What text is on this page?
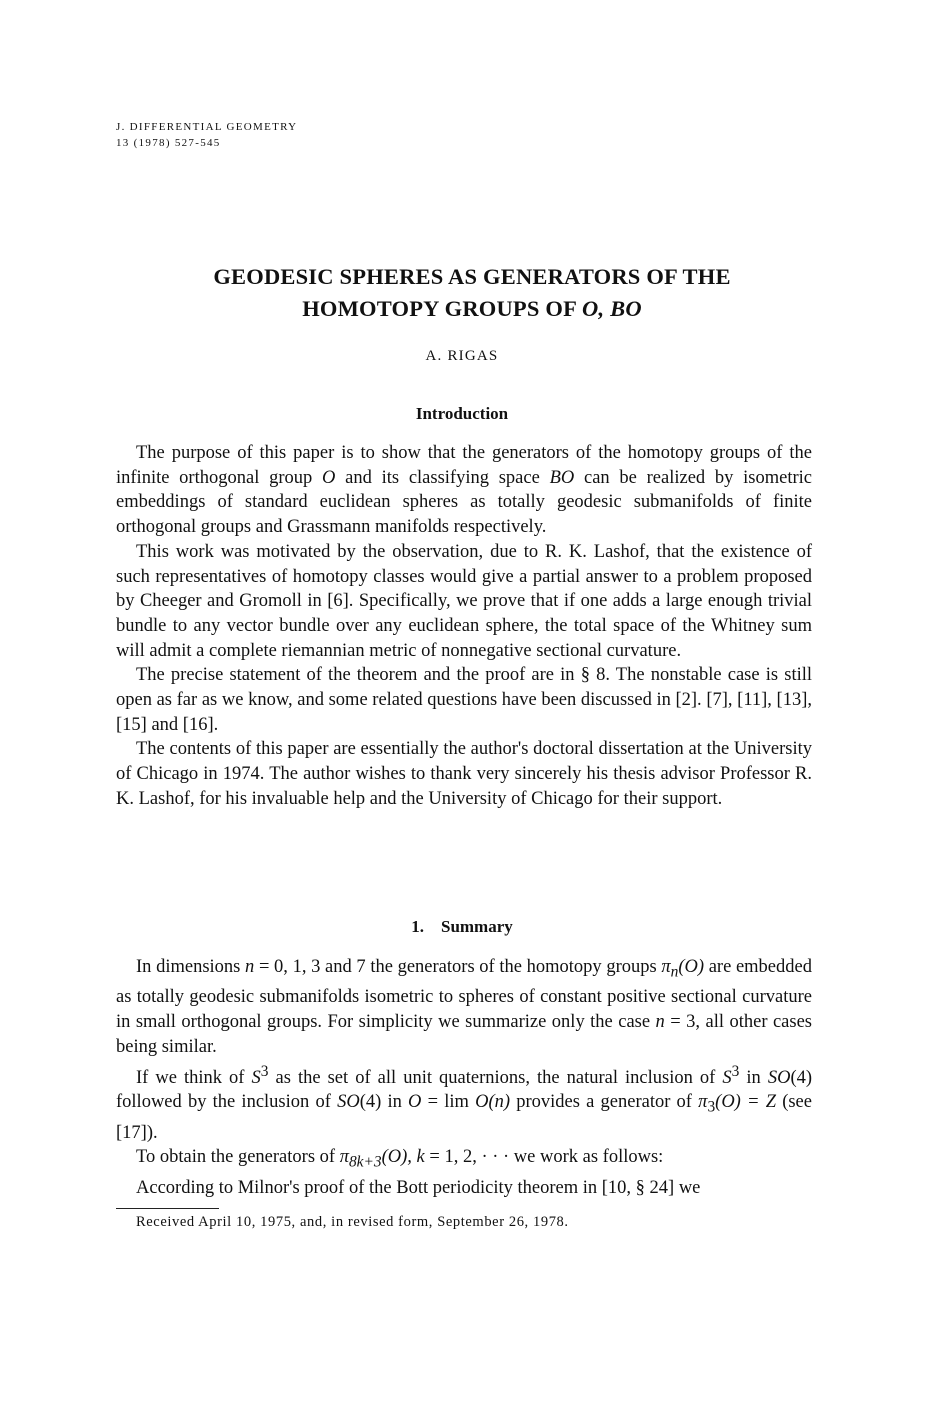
J. DIFFERENTIAL GEOMETRY
13 (1978) 527-545
GEODESIC SPHERES AS GENERATORS OF THE
HOMOTOPY GROUPS OF O, BO
A. RIGAS
Introduction

The purpose of this paper is to show that the generators of the homotopy groups of the infinite orthogonal group O and its classifying space BO can be realized by isometric embeddings of standard euclidean spheres as totally geodesic submanifolds of finite orthogonal groups and Grassmann manifolds respectively.

This work was motivated by the observation, due to R. K. Lashof, that the existence of such representatives of homotopy classes would give a partial answer to a problem proposed by Cheeger and Gromoll in [6]. Specifically, we prove that if one adds a large enough trivial bundle to any vector bundle over any euclidean sphere, the total space of the Whitney sum will admit a complete riemannian metric of nonnegative sectional curvature.

The precise statement of the theorem and the proof are in § 8. The nonstable case is still open as far as we know, and some related questions have been discussed in [2]. [7], [11], [13], [15] and [16].

The contents of this paper are essentially the author's doctoral dissertation at the University of Chicago in 1974. The author wishes to thank very sincerely his thesis advisor Professor R. K. Lashof, for his invaluable help and the University of Chicago for their support.

1.  Summary

In dimensions n = 0, 1, 3 and 7 the generators of the homotopy groups $\pi_n(O)$ are embedded as totally geodesic submanifolds isometric to spheres of constant positive sectional curvature in small orthogonal groups. For simplicity we summarize only the case n = 3, all other cases being similar.

If we think of $S^3$ as the set of all unit quaternions, the natural inclusion of $S^3$ in SO(4) followed by the inclusion of SO(4) in O = lim O(n) provides a generator of $\pi_3(O) = Z$ (see [17]).

To obtain the generators of $\pi_{8k+3}(O)$, k = 1, 2, · · · we work as follows:

According to Milnor's proof of the Bott periodicity theorem in [10, § 24] we

Received April 10, 1975, and, in revised form, September 26, 1978.
